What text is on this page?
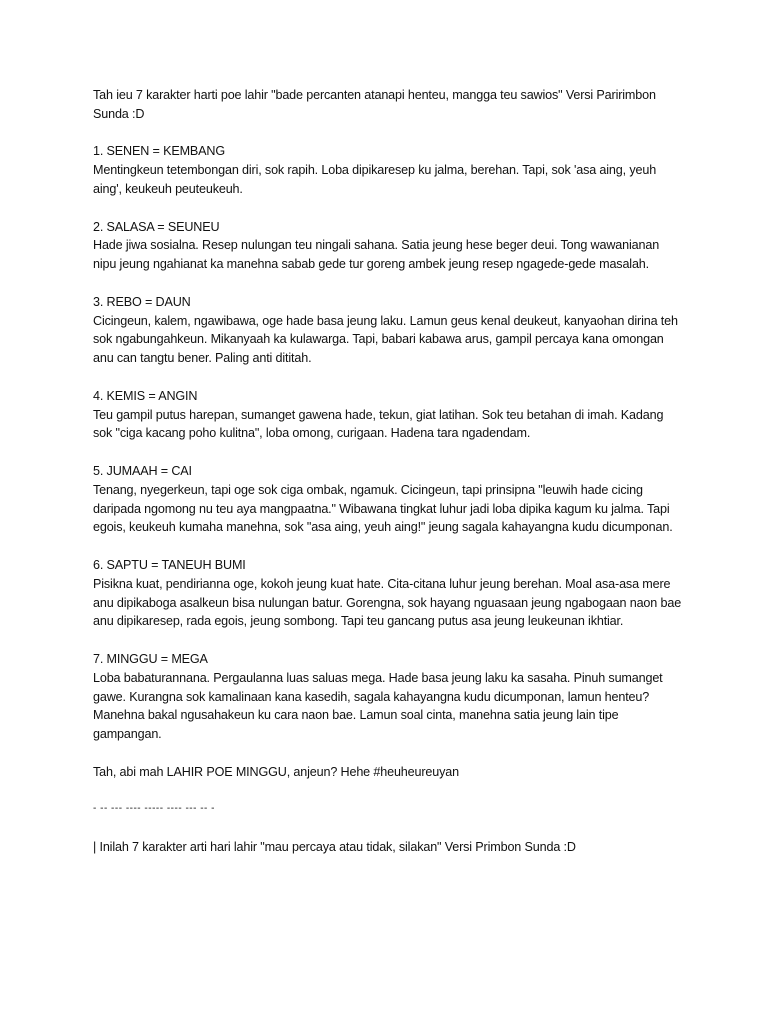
Tah ieu 7 karakter harti poe lahir "bade percanten atanapi henteu, mangga teu sawios" Versi Paririmbon Sunda :D

1. SENEN = KEMBANG
Mentingkeun tetembongan diri, sok rapih. Loba dipikaresep ku jalma, berehan. Tapi, sok 'asa aing, yeuh aing', keukeuh peuteukeuh.
2. SALASA = SEUNEU
Hade jiwa sosialna. Resep nulungan teu ningali sahana. Satia jeung hese beger deui. Tong wawanianan nipu jeung ngahianat ka manehna sabab gede tur goreng ambek jeung resep ngagede-gede masalah.
3. REBO = DAUN
Cicingeun, kalem, ngawibawa, oge hade basa jeung laku. Lamun geus kenal deukeut, kanyaohan dirina teh sok ngabungahkeun. Mikanyaah ka kulawarga. Tapi, babari kabawa arus, gampil percaya kana omongan anu can tangtu bener. Paling anti dititah.
4. KEMIS = ANGIN
Teu gampil putus harepan, sumanget gawena hade, tekun, giat latihan. Sok teu betahan di imah. Kadang sok "ciga kacang poho kulitna", loba omong, curigaan. Hadena tara ngadendam.
5. JUMAAH = CAI
Tenang, nyegerkeun, tapi oge sok ciga ombak, ngamuk. Cicingeun, tapi prinsipna "leuwih hade cicing daripada ngomong nu teu aya mangpaatna." Wibawana tingkat luhur jadi loba dipika kagum ku jalma. Tapi egois, keukeuh kumaha manehna, sok "asa aing, yeuh aing!" jeung sagala kahayangna kudu dicumponan.
6. SAPTU = TANEUH BUMI
Pisikna kuat, pendirianna oge, kokoh jeung kuat hate. Cita-citana luhur jeung berehan. Moal asa-asa mere anu dipikaboga asalkeun bisa nulungan batur. Gorengna, sok hayang nguasaan jeung ngabogaan naon bae anu dipikaresep, rada egois, jeung sombong. Tapi teu gancang putus asa jeung leukeunan ikhtiar.
7. MINGGU = MEGA
Loba babaturannana. Pergaulanna luas saluas mega. Hade basa jeung laku ka sasaha. Pinuh sumanget gawe. Kurangna sok kamalinaan kana kasedih, sagala kahayangna kudu dicumponan, lamun henteu? Manehna bakal ngusahakeun ku cara naon bae. Lamun soal cinta, manehna satia jeung lain tipe gampangan.

Tah, abi mah LAHIR POE MINGGU, anjeun? Hehe #heuheureuyan

- -- --- ---- ----- ---- --- -- -

| Inilah 7 karakter arti hari lahir "mau percaya atau tidak, silakan" Versi Primbon Sunda :D
